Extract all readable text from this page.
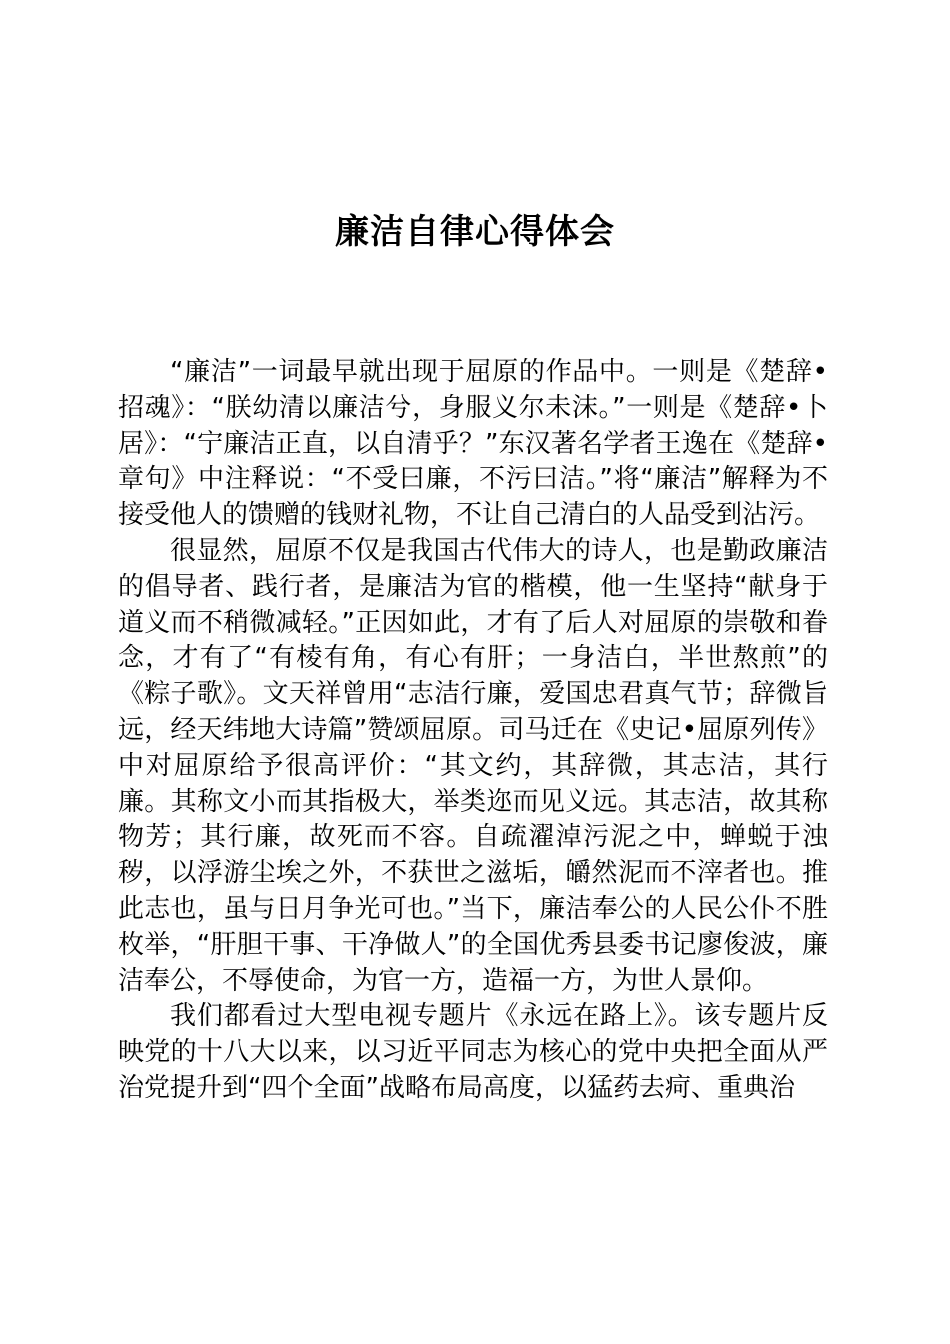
廉洁自律心得体会

“廉洁”一词最早就出现于屈原的作品中。一则是《楚辞•招魂》：“朕幼清以廉洁兮，身服义尔未沫。”一则是《楚辞•卜居》：“宁廉洁正直，以自清乎？”东汉著名学者王逸在《楚辞•章句》中注释说：“不受曰廉，不污曰洁。”将“廉洁”解释为不接受他人的馈赠的钱财礼物，不让自己清白的人品受到沾污。

很显然，屈原不仅是我国古代伟大的诗人，也是勤政廉洁的倡导者、践行者，是廉洁为官的楷模，他一生坚持“献身于道义而不稍微减轻。”正因如此，才有了后人对屈原的崇敬和眷念，才有了“有棱有角，有心有肝；一身洁白，半世熬煎”的《粽子歌》。文天祥曾用“志洁行廉，爱国忠君真气节；辞微旨远，经天纬地大诗篇”赞颂屈原。司马迁在《史记•屈原列传》中对屈原给予很高评价：“其文约，其辞微，其志洁，其行廉。其称文小而其指极大，举类迩而见义远。其志洁，故其称物芳；其行廉，故死而不容。自疏濯淖污泥之中，蝉蜕于浊秽，以浮游尘埃之外，不获世之滋垢，皭然泥而不滓者也。推此志也，虽与日月争光可也。”当下，廉洁奉公的人民公仆不胜枚举，“肝胆干事、干净做人”的全国优秀县委书记廖俊波，廉洁奉公，不辱使命，为官一方，造福一方，为世人景仰。

我们都看过大型电视专题片《永远在路上》。该专题片反映党的十八大以来，以习近平同志为核心的党中央把全面从严治党提升到“四个全面”战略布局高度，以猛药去疴、重典治
